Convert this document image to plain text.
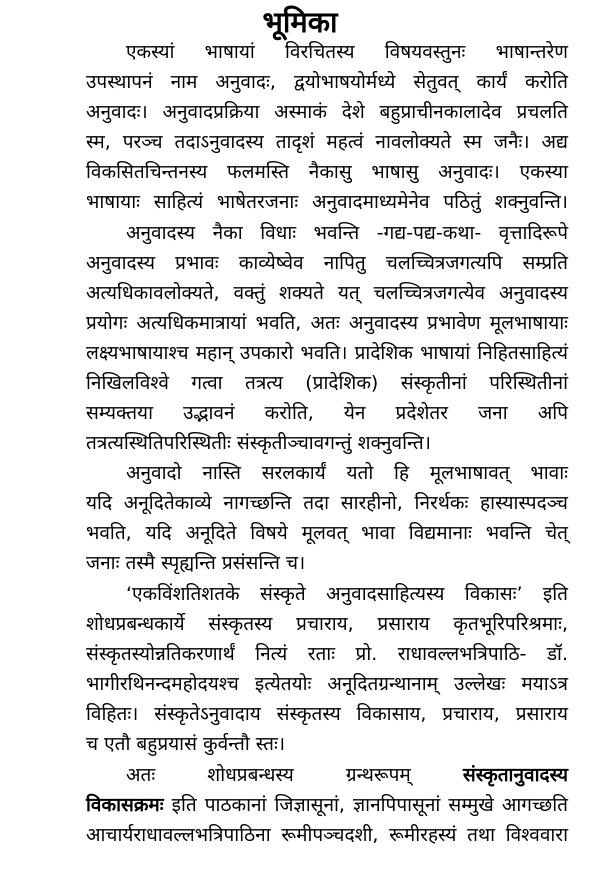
भूमिका
एकस्यां भाषायां विरचितस्य विषयवस्तुनः भाषान्तरेण
उपस्थापनं नाम अनुवादः, द्वयोभाषयोर्मध्ये सेतुवत् कार्यं करोति
अनुवादः। अनुवादप्रक्रिया अस्माकं देशे बहुप्राचीनकालादेव प्रचलति
स्म, परञ्च तदाऽनुवादस्य तादृशं महत्वं नावलोक्यते स्म जनैः। अद्य
विकसितचिन्तनस्य फलमस्ति नैकासु भाषासु अनुवादः। एकस्या
भाषायाः साहित्यं भाषेतरजनाः अनुवादमाध्यमेनेव पठितुं शक्नुवन्ति।
अनुवादस्य नैका विधाः भवन्ति -गद्य-पद्य-कथा- वृत्तादिरूपे
अनुवादस्य प्रभावः काव्येष्वेव नापितु चलच्चित्रजगत्यपि सम्प्रति
अत्यधिकावलोक्यते, वक्तुं शक्यते यत् चलच्चित्रजगत्येव अनुवादस्य
प्रयोगः अत्यधिकमात्रायां भवति, अतः अनुवादस्य प्रभावेण मूलभाषायाः
लक्ष्यभाषायाश्च महान् उपकारो भवति। प्रादेशिक भाषायां निहितसाहित्यं
निखिलविश्वे गत्वा तत्रत्य (प्रादेशिक) संस्कृतीनां परिस्थितीनां
सम्यक्तया उद्भावनं करोति, येन प्रदेशेतर जना अपि
तत्रत्यस्थितिपरिस्थितीः संस्कृतीञ्चावगन्तुं शक्नुवन्ति।
अनुवादो नास्ति सरलकार्यं यतो हि मूलभाषावत् भावाः
यदि अनूदितेकाव्ये नागच्छन्ति तदा सारहीनो, निरर्थकः हास्यास्पदञ्च
भवति, यदि अनूदिते विषये मूलवत् भावा विद्यमानाः भवन्ति चेत्
जनाः तस्मै स्पृह्यन्ति प्रसंसन्ति च।
‘एकविंशतिशतके संस्कृते अनुवादसाहित्यस्य विकासः’ इति
शोधप्रबन्धकार्ये संस्कृतस्य प्रचाराय, प्रसाराय कृतभूरिपरिश्रमाः,
संस्कृतस्योन्नतिकरणार्थं नित्यं रताः प्रो. राधावल्लभत्रिपाठि- डॉ.
भागीरथिनन्दमहोदयश्च इत्येतयोः अनूदितग्रन्थानाम् उल्लेखः मयाऽत्र
विहितः। संस्कृतेऽनुवादाय संस्कृतस्य विकासाय, प्रचाराय, प्रसाराय
च एतौ बहुप्रयासं कुर्वन्तौ स्तः।
अतः शोधप्रबन्धस्य ग्रन्थरूपम्	संस्कृतानुवादस्य
विकासक्रमः इति पाठकानां जिज्ञासूनां, ज्ञानपिपासूनां सम्मुखे आगच्छति
आचार्यराधावल्लभत्रिपाठिना रूमीपञ्चदशी, रूमीरहस्यं तथा विश्ववारा
